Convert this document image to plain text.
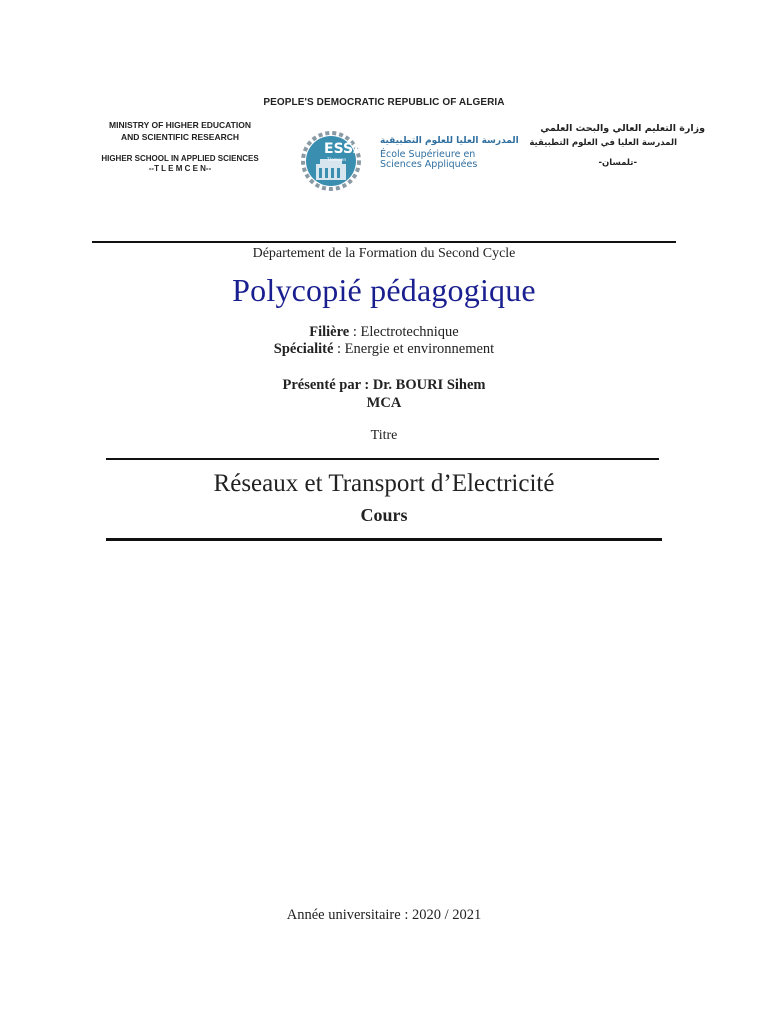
PEOPLE'S DEMOCRATIC REPUBLIC OF ALGERIA
MINISTRY OF HIGHER EDUCATION
AND SCIENTIFIC RESEARCH
HIGHER SCHOOL IN APPLIED SCIENCES
--T L E M C E N--
وزارة التعليم العالي والبحث العلمي
المدرسة العليا في العلوم التطبيقية
-تلمسان-
ESSA
Tlemcen
المدرسة العليا للعلوم التطبيقية
École Supérieure en
Sciences Appliquées
Département de la Formation du Second Cycle
Polycopié pédagogique
Filière : Electrotechnique
Spécialité : Energie et environnement
Présenté par : Dr. BOURI Sihem
MCA
Titre
Réseaux et Transport d’Electricité
Cours
Année universitaire : 2020 / 2021
